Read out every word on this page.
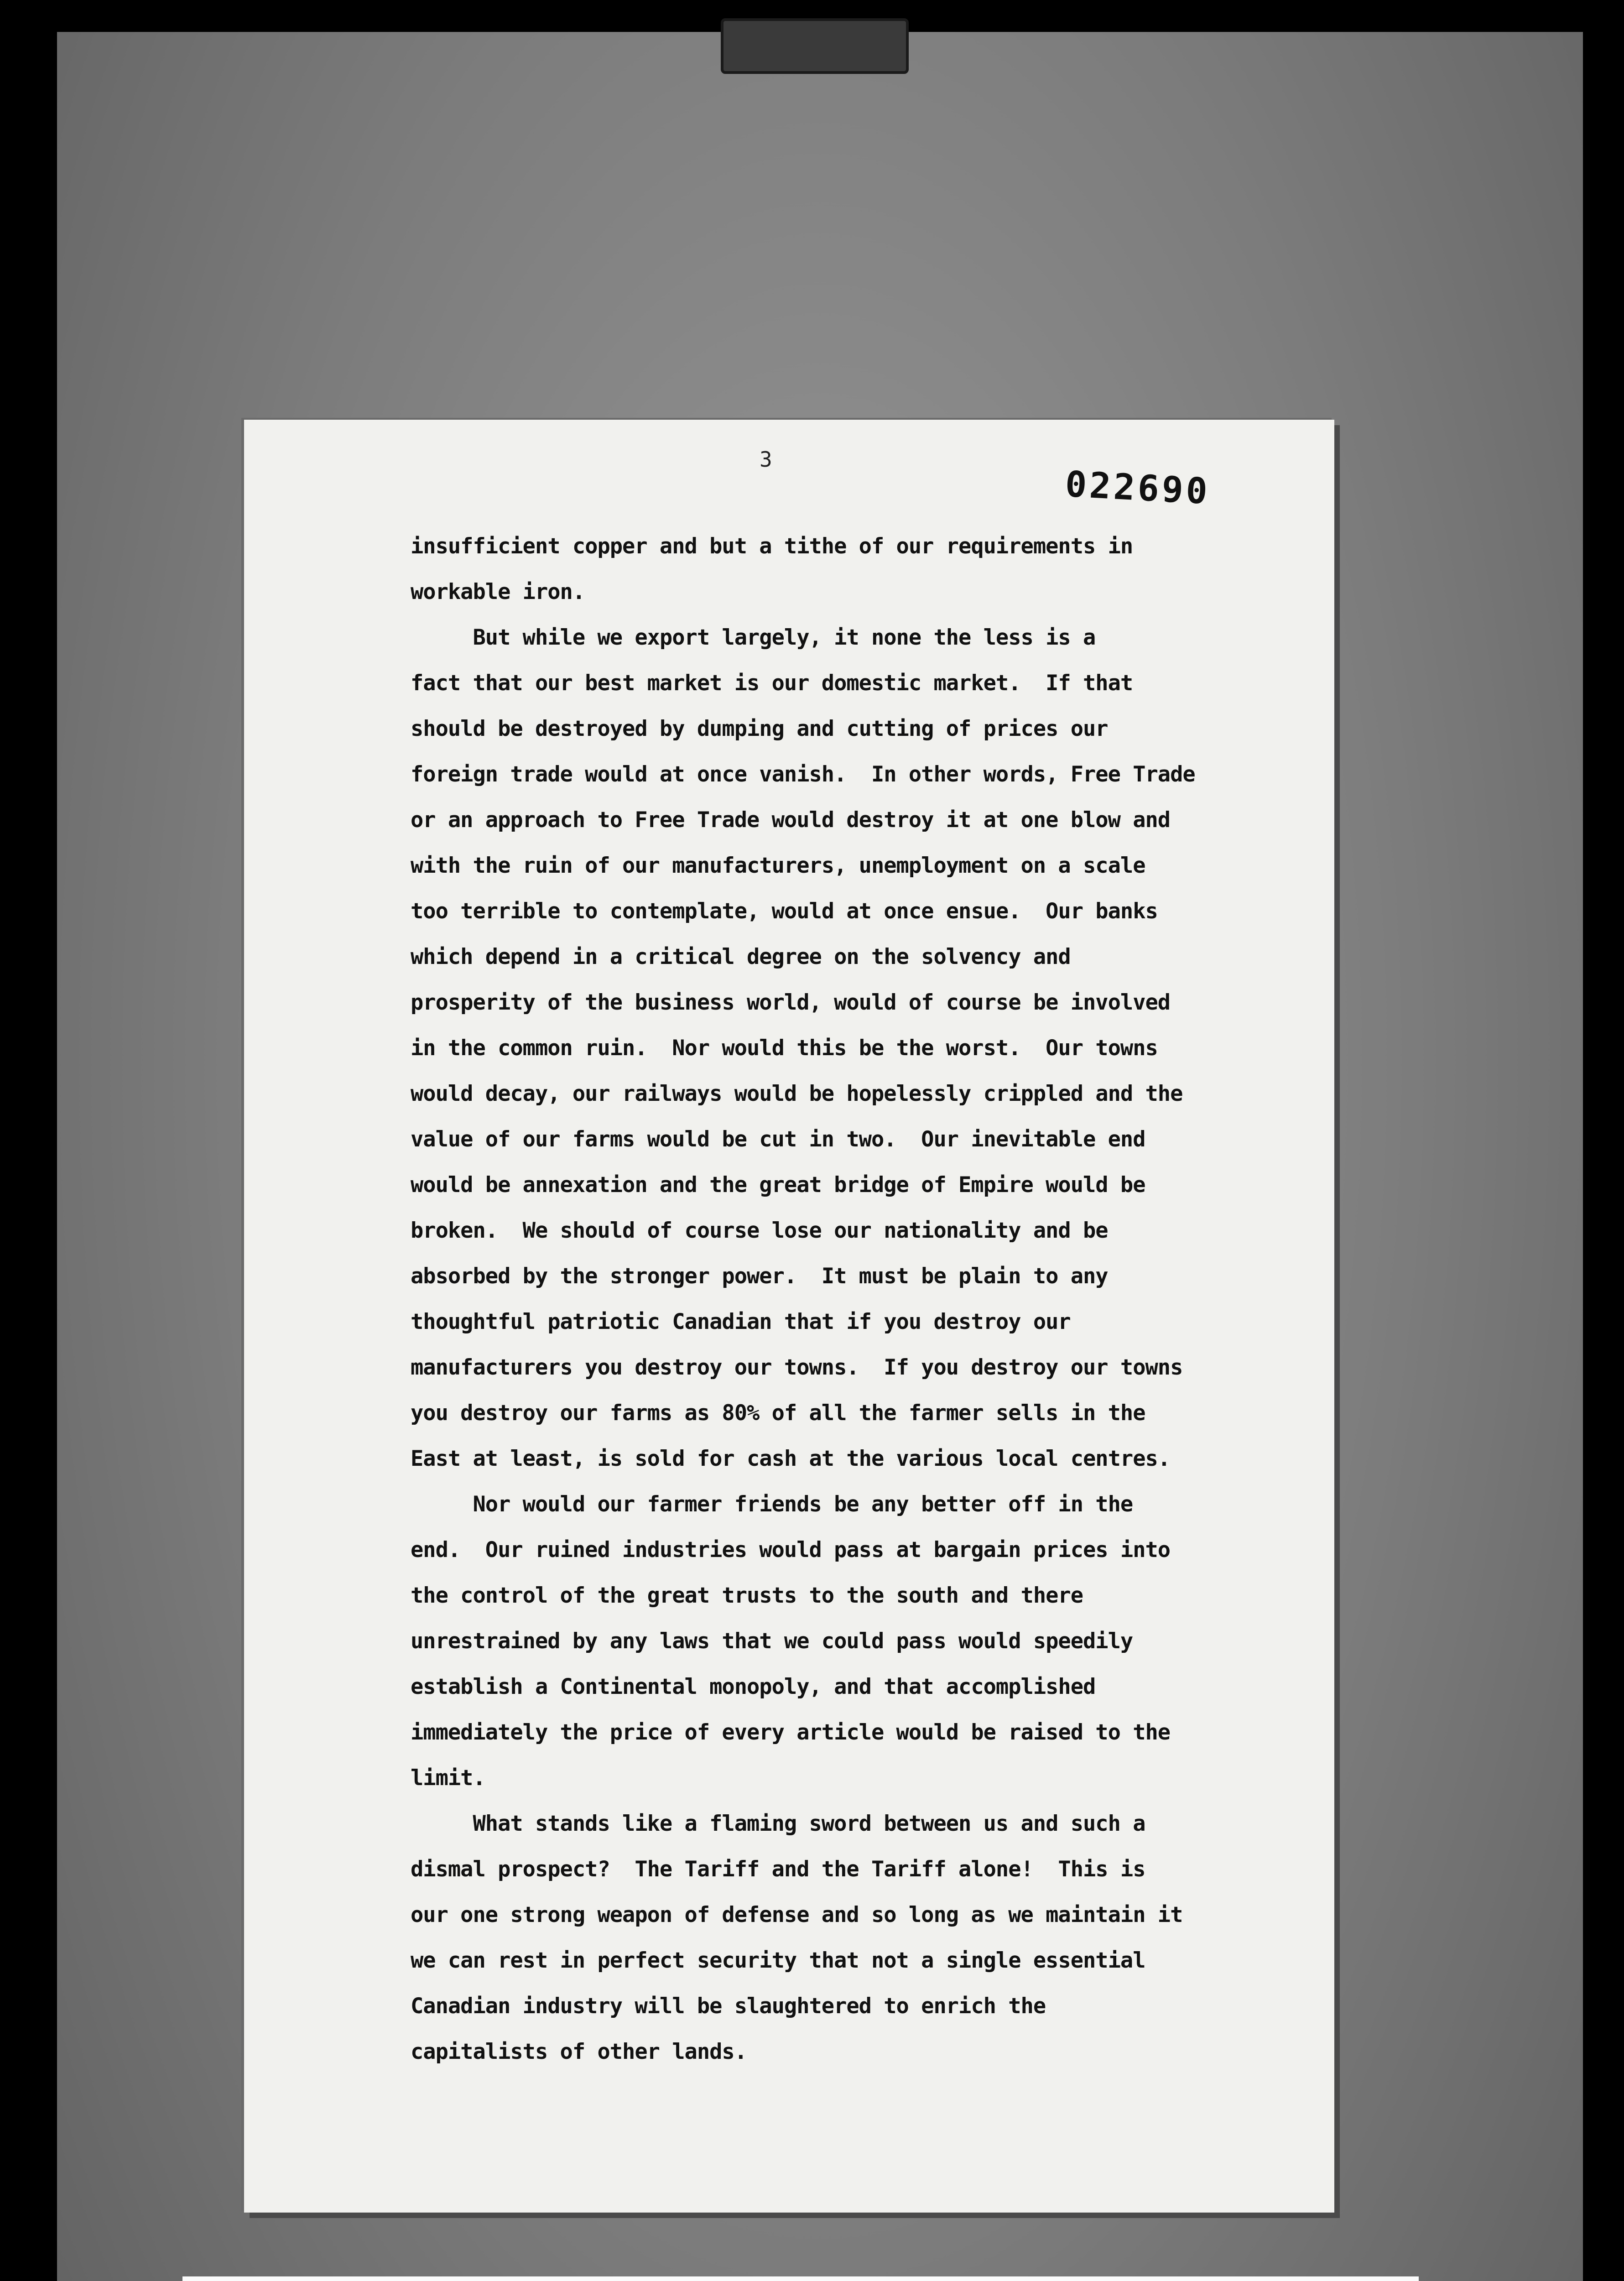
3
022690
insufficient copper and but a tithe of our requirements in
workable iron.
But while we export largely, it none the less is a
fact that our best market is our domestic market.  If that
should be destroyed by dumping and cutting of prices our
foreign trade would at once vanish.  In other words, Free Trade
or an approach to Free Trade would destroy it at one blow and
with the ruin of our manufacturers, unemployment on a scale
too terrible to contemplate, would at once ensue.  Our banks
which depend in a critical degree on the solvency and
prosperity of the business world, would of course be involved
in the common ruin.  Nor would this be the worst.  Our towns
would decay, our railways would be hopelessly crippled and the
value of our farms would be cut in two.  Our inevitable end
would be annexation and the great bridge of Empire would be
broken.  We should of course lose our nationality and be
absorbed by the stronger power.  It must be plain to any
thoughtful patriotic Canadian that if you destroy our
manufacturers you destroy our towns.  If you destroy our towns
you destroy our farms as 80% of all the farmer sells in the
East at least, is sold for cash at the various local centres.
Nor would our farmer friends be any better off in the
end.  Our ruined industries would pass at bargain prices into
the control of the great trusts to the south and there
unrestrained by any laws that we could pass would speedily
establish a Continental monopoly, and that accomplished
immediately the price of every article would be raised to the
limit.
What stands like a flaming sword between us and such a
dismal prospect?  The Tariff and the Tariff alone!  This is
our one strong weapon of defense and so long as we maintain it
we can rest in perfect security that not a single essential
Canadian industry will be slaughtered to enrich the
capitalists of other lands.
